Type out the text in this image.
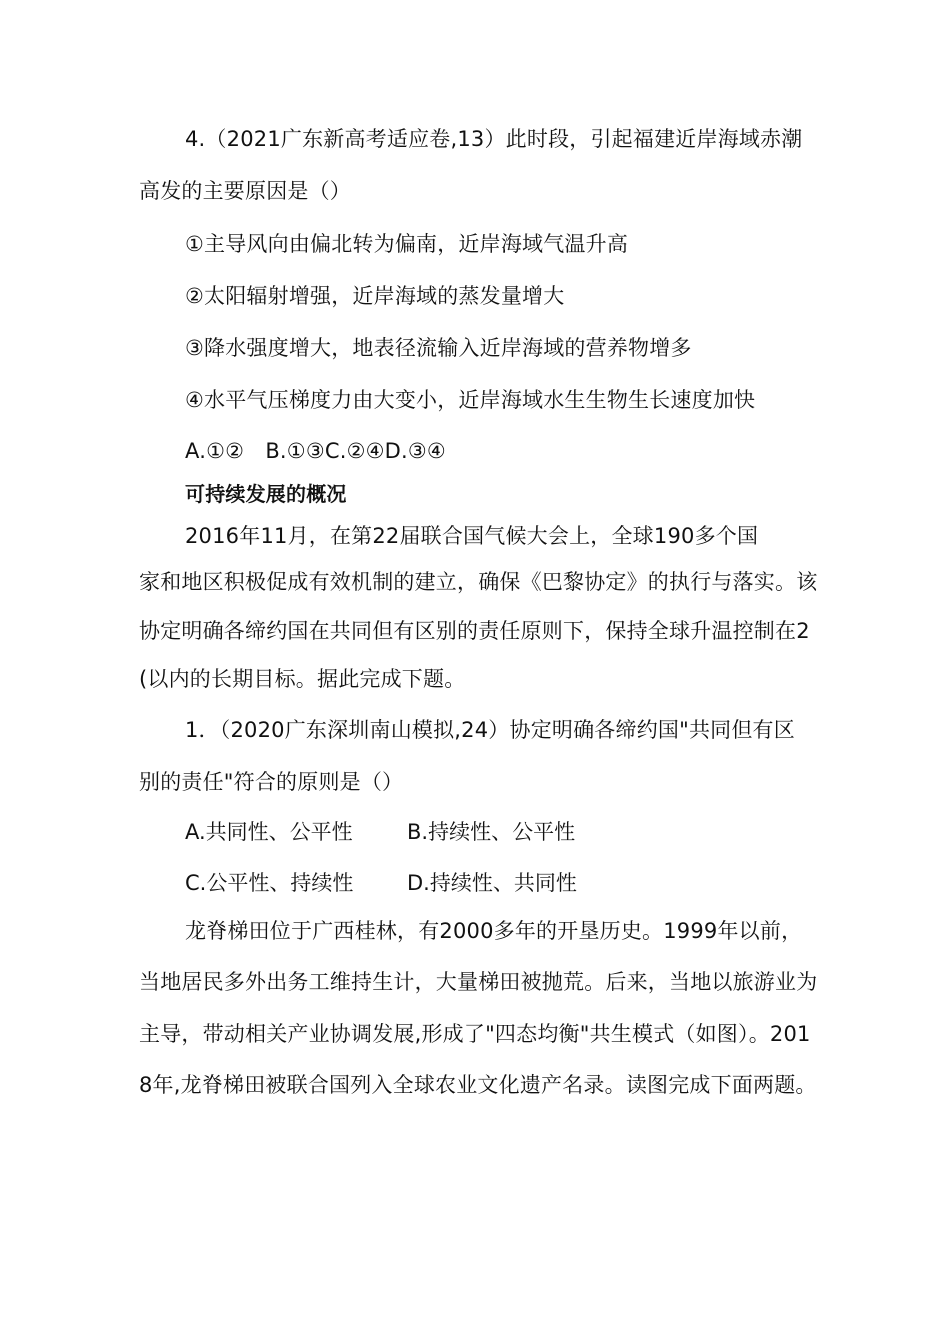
4.（2021广东新高考适应卷,13）此时段，引起福建近岸海域赤潮
高发的主要原因是（）
①主导风向由偏北转为偏南，近岸海域气温升高
②太阳辐射增强，近岸海域的蒸发量增大
③降水强度增大，地表径流输入近岸海域的营养物增多
④水平气压梯度力由大变小，近岸海域水生生物生长速度加快
A.①②　B.①③C.②④D.③④
可持续发展的概况
2016年11月，在第22届联合国气候大会上，全球190多个国
家和地区积极促成有效机制的建立，确保《巴黎协定》的执行与落实。该
协定明确各缔约国在共同但有区别的责任原则下，保持全球升温控制在2
(以内的长期目标。据此完成下题。
1．（2020广东深圳南山模拟,24）协定明确各缔约国"共同但有区
别的责任"符合的原则是（）
A.共同性、公平性	B.持续性、公平性
C.公平性、持续性	D.持续性、共同性
龙脊梯田位于广西桂林，有2000多年的开垦历史。1999年以前，
当地居民多外出务工维持生计，大量梯田被抛荒。后来，当地以旅游业为
主导，带动相关产业协调发展,形成了"四态均衡"共生模式（如图）。201
8年,龙脊梯田被联合国列入全球农业文化遗产名录。读图完成下面两题。
